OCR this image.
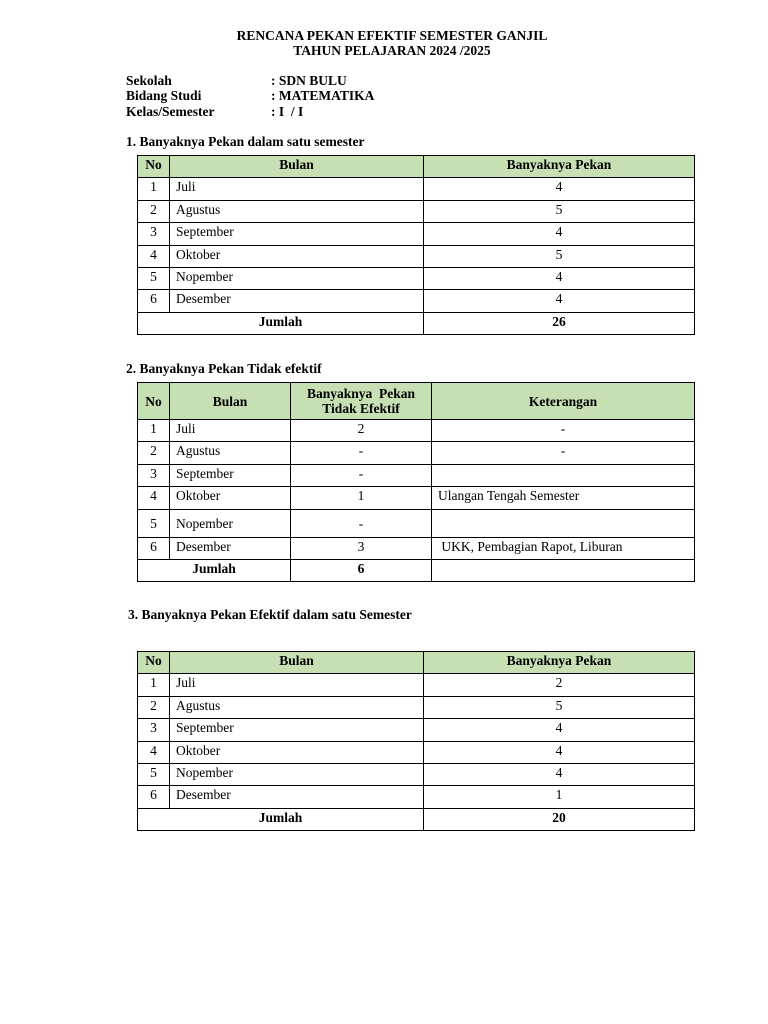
RENCANA PEKAN EFEKTIF SEMESTER GANJIL
TAHUN PELAJARAN 2024 /2025
Sekolah	: SDN BULU
Bidang Studi	: MATEMATIKA
Kelas/Semester	: I  / I
1. Banyaknya Pekan dalam satu semester
No	Bulan	Banyaknya Pekan
1	Juli	4
2	Agustus	5
3	September	4
4	Oktober	5
5	Nopember	4
6	Desember	4
Jumlah		26
2. Banyaknya Pekan Tidak efektif
No	Bulan	Banyaknya  Pekan Tidak Efektif	Keterangan
1	Juli	2	-
2	Agustus	-	-
3	September	-	
4	Oktober	1	Ulangan Tengah Semester
5	Nopember	-	
6	Desember	3	UKK, Pembagian Rapot, Liburan
Jumlah		6	
3. Banyaknya Pekan Efektif dalam satu Semester
No	Bulan	Banyaknya Pekan
1	Juli	2
2	Agustus	5
3	September	4
4	Oktober	4
5	Nopember	4
6	Desember	1
Jumlah		20
